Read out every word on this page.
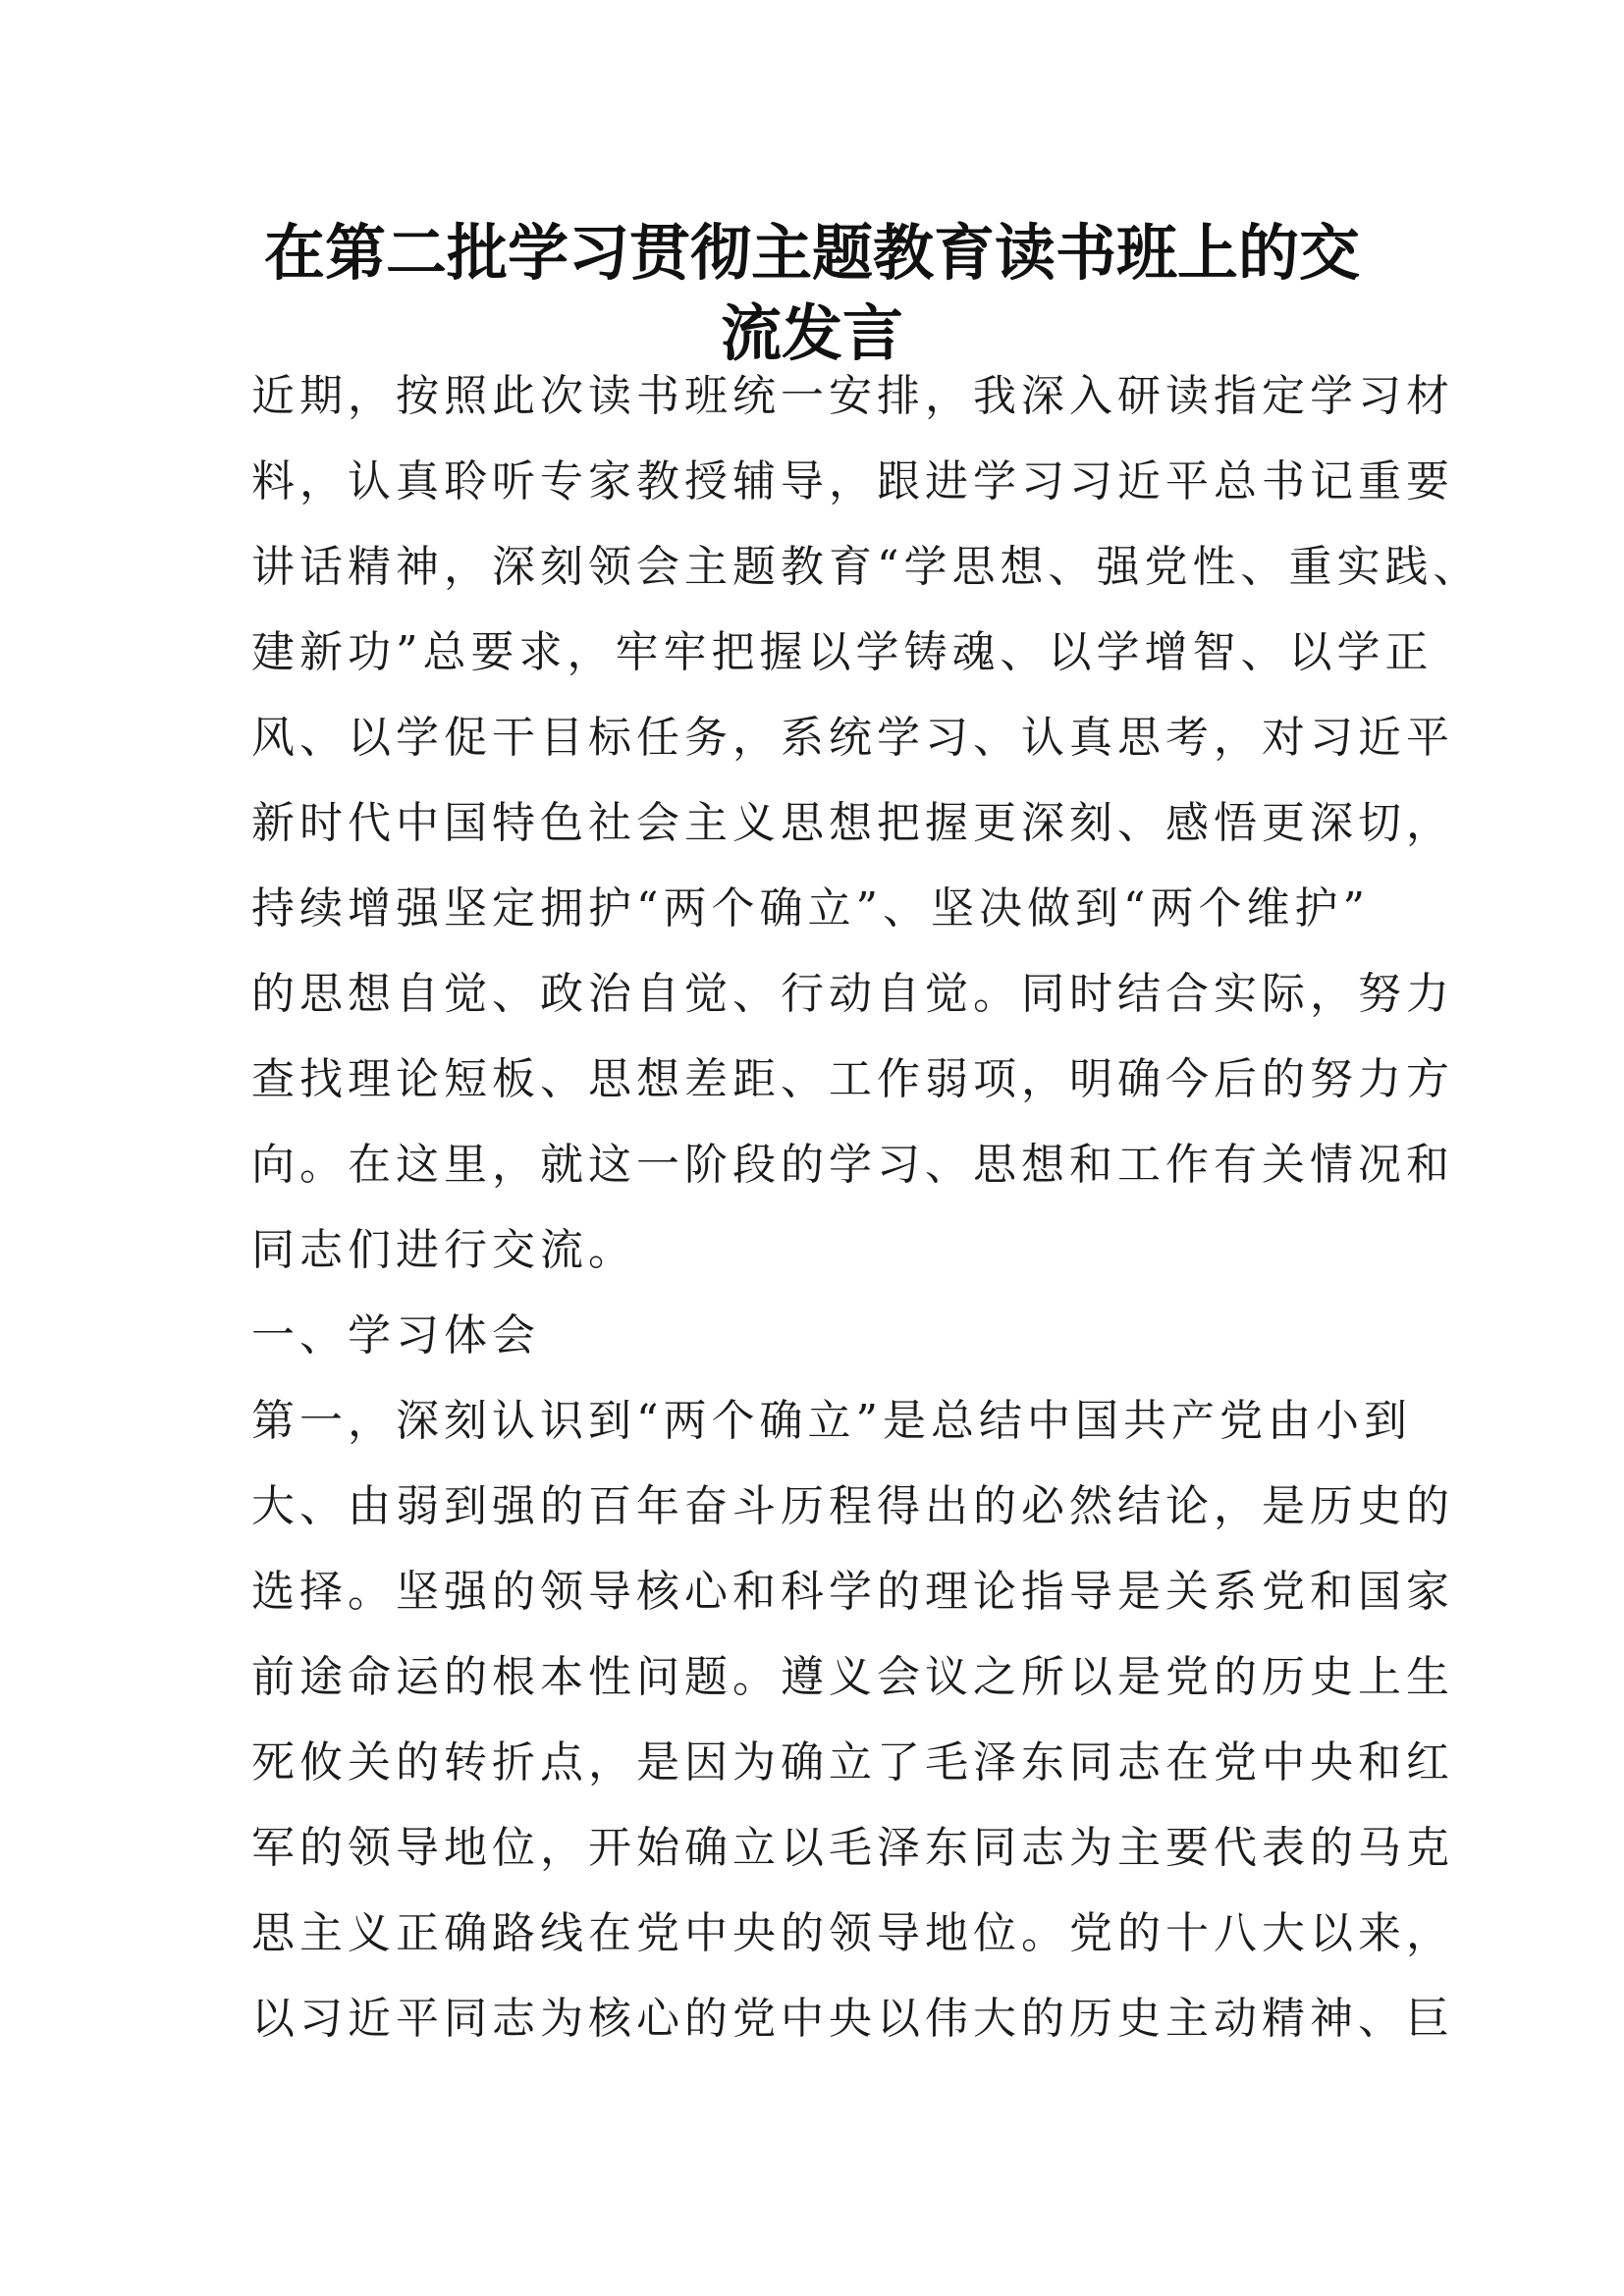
在第二批学习贯彻主题教育读书班上的交
流发言
近期，按照此次读书班统一安排，我深入研读指定学习材
料，认真聆听专家教授辅导，跟进学习习近平总书记重要
讲话精神，深刻领会主题教育“学思想、强党性、重实践、
建新功”总要求，牢牢把握以学铸魂、以学增智、以学正
风、以学促干目标任务，系统学习、认真思考，对习近平
新时代中国特色社会主义思想把握更深刻、感悟更深切，
持续增强坚定拥护“两个确立”、坚决做到“两个维护”
的思想自觉、政治自觉、行动自觉。同时结合实际，努力
查找理论短板、思想差距、工作弱项，明确今后的努力方
向。在这里，就这一阶段的学习、思想和工作有关情况和
同志们进行交流。
一、学习体会
第一，深刻认识到“两个确立”是总结中国共产党由小到
大、由弱到强的百年奋斗历程得出的必然结论，是历史的
选择。坚强的领导核心和科学的理论指导是关系党和国家
前途命运的根本性问题。遵义会议之所以是党的历史上生
死攸关的转折点，是因为确立了毛泽东同志在党中央和红
军的领导地位，开始确立以毛泽东同志为主要代表的马克
思主义正确路线在党中央的领导地位。党的十八大以来，
以习近平同志为核心的党中央以伟大的历史主动精神、巨
